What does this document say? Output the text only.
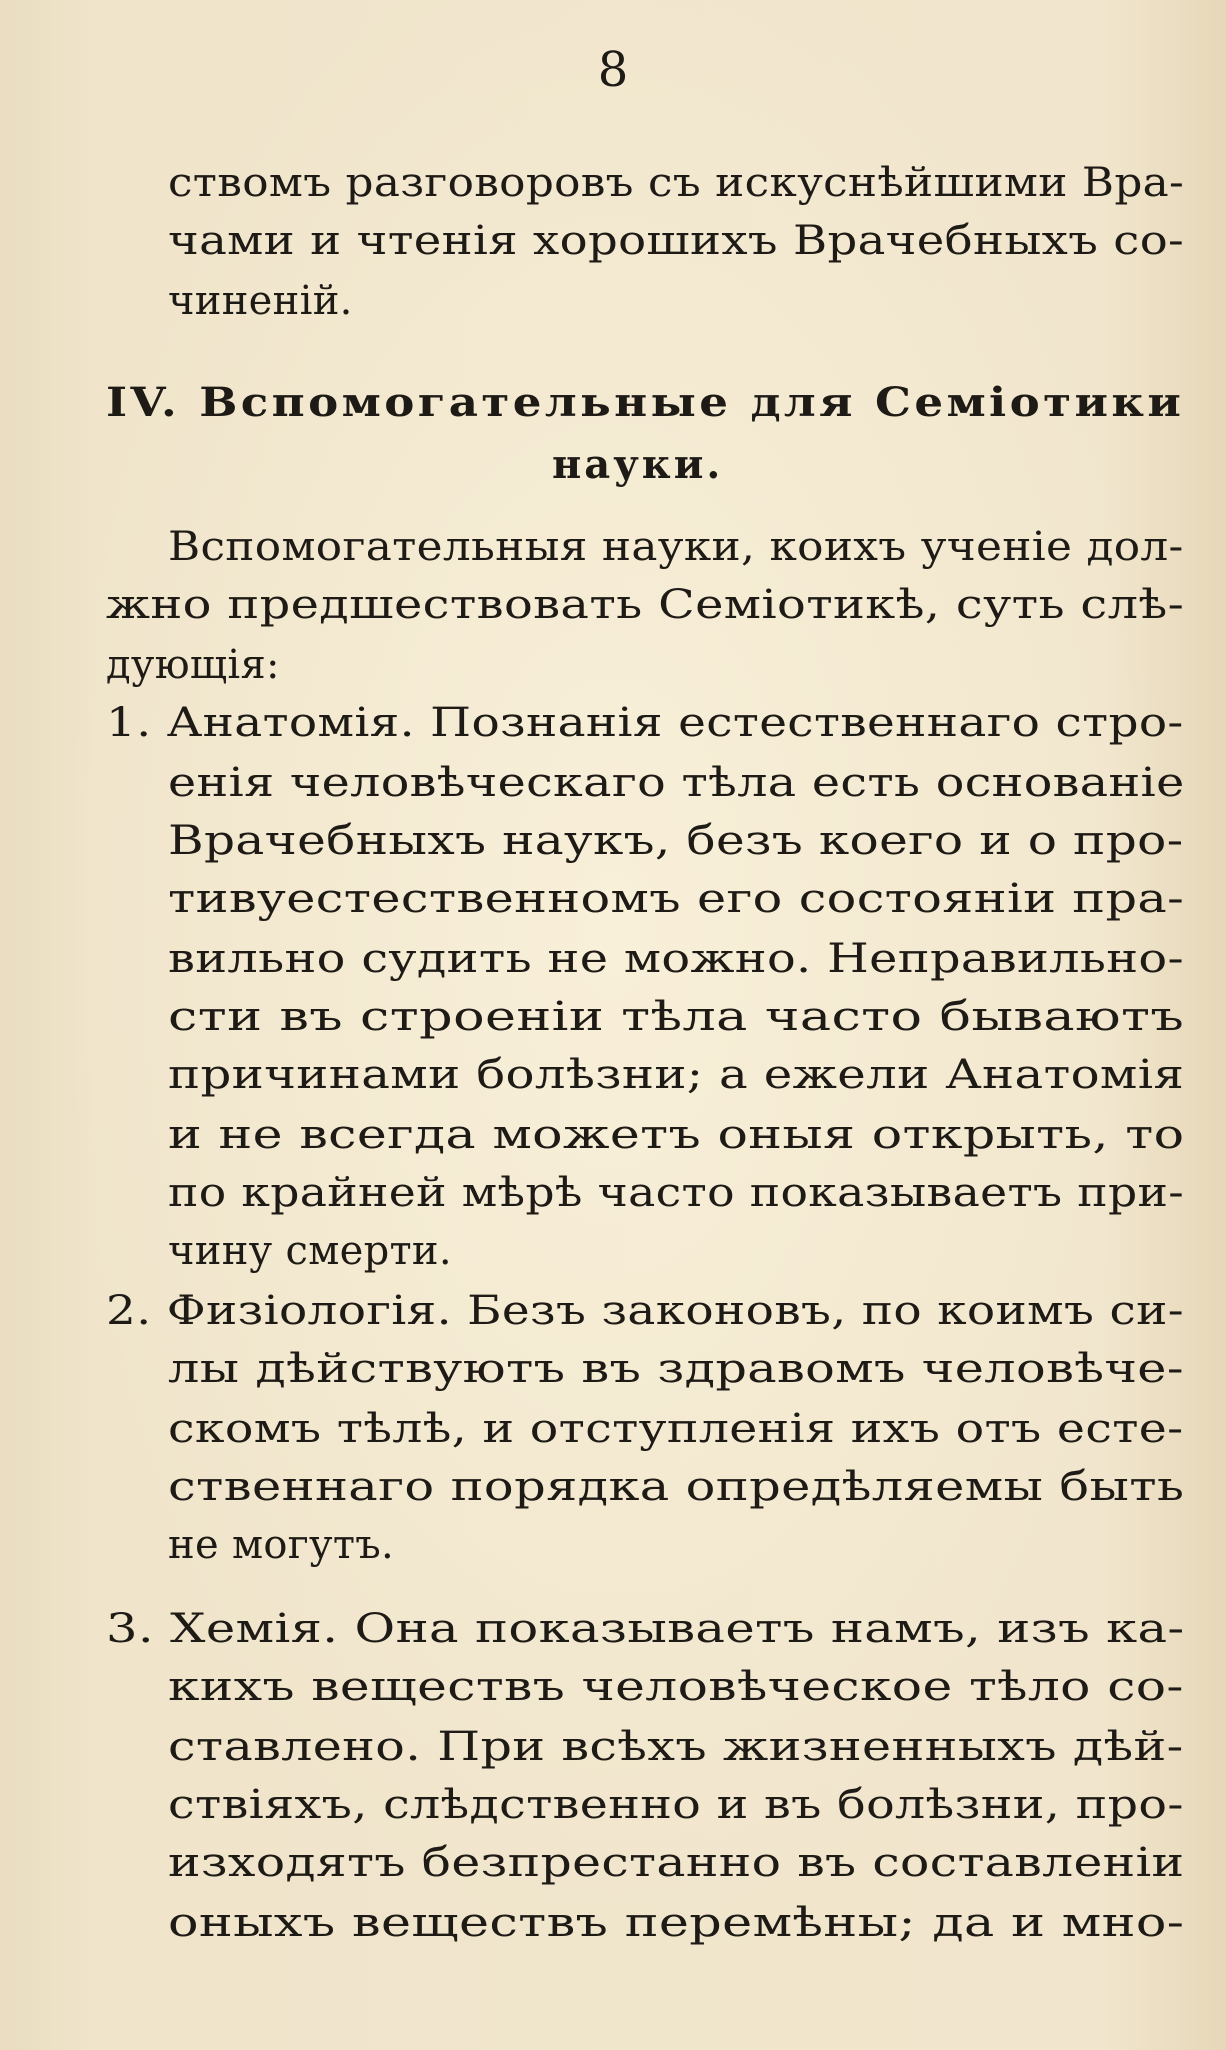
8
ствомъ разговоровъ съ искуснѣйшими Вра-
чами и чтенія хорошихъ Врачебныхъ со-
чиненій.
IV. Вспомогательные для Семіотики
науки.
Вспомогательныя науки, коихъ ученіе дол-
жно предшествовать Семіотикѣ, суть слѣ-
дующія:
1. Анатомія. Познанія естественнаго стро-
енія человѣческаго тѣла есть основаніе
Врачебныхъ наукъ, безъ коего и о про-
тивуестественномъ его состояніи пра-
вильно судить не можно. Неправильно-
сти въ строеніи тѣла часто бываютъ
причинами болѣзни; а ежели Анатомія
и не всегда можетъ оныя открыть, то
по крайней мѣрѣ часто показываетъ при-
чину смерти.
2. Физіологія. Безъ законовъ, по коимъ си-
лы дѣйствуютъ въ здравомъ человѣче-
скомъ тѣлѣ, и отступленія ихъ отъ есте-
ственнаго порядка опредѣляемы быть
не могутъ.
3. Хемія. Она показываетъ намъ, изъ ка-
кихъ веществъ человѣческое тѣло со-
ставлено. При всѣхъ жизненныхъ дѣй-
ствіяхъ, слѣдственно и въ болѣзни, про-
изходятъ безпрестанно въ составленіи
оныхъ веществъ перемѣны; да и мно-
